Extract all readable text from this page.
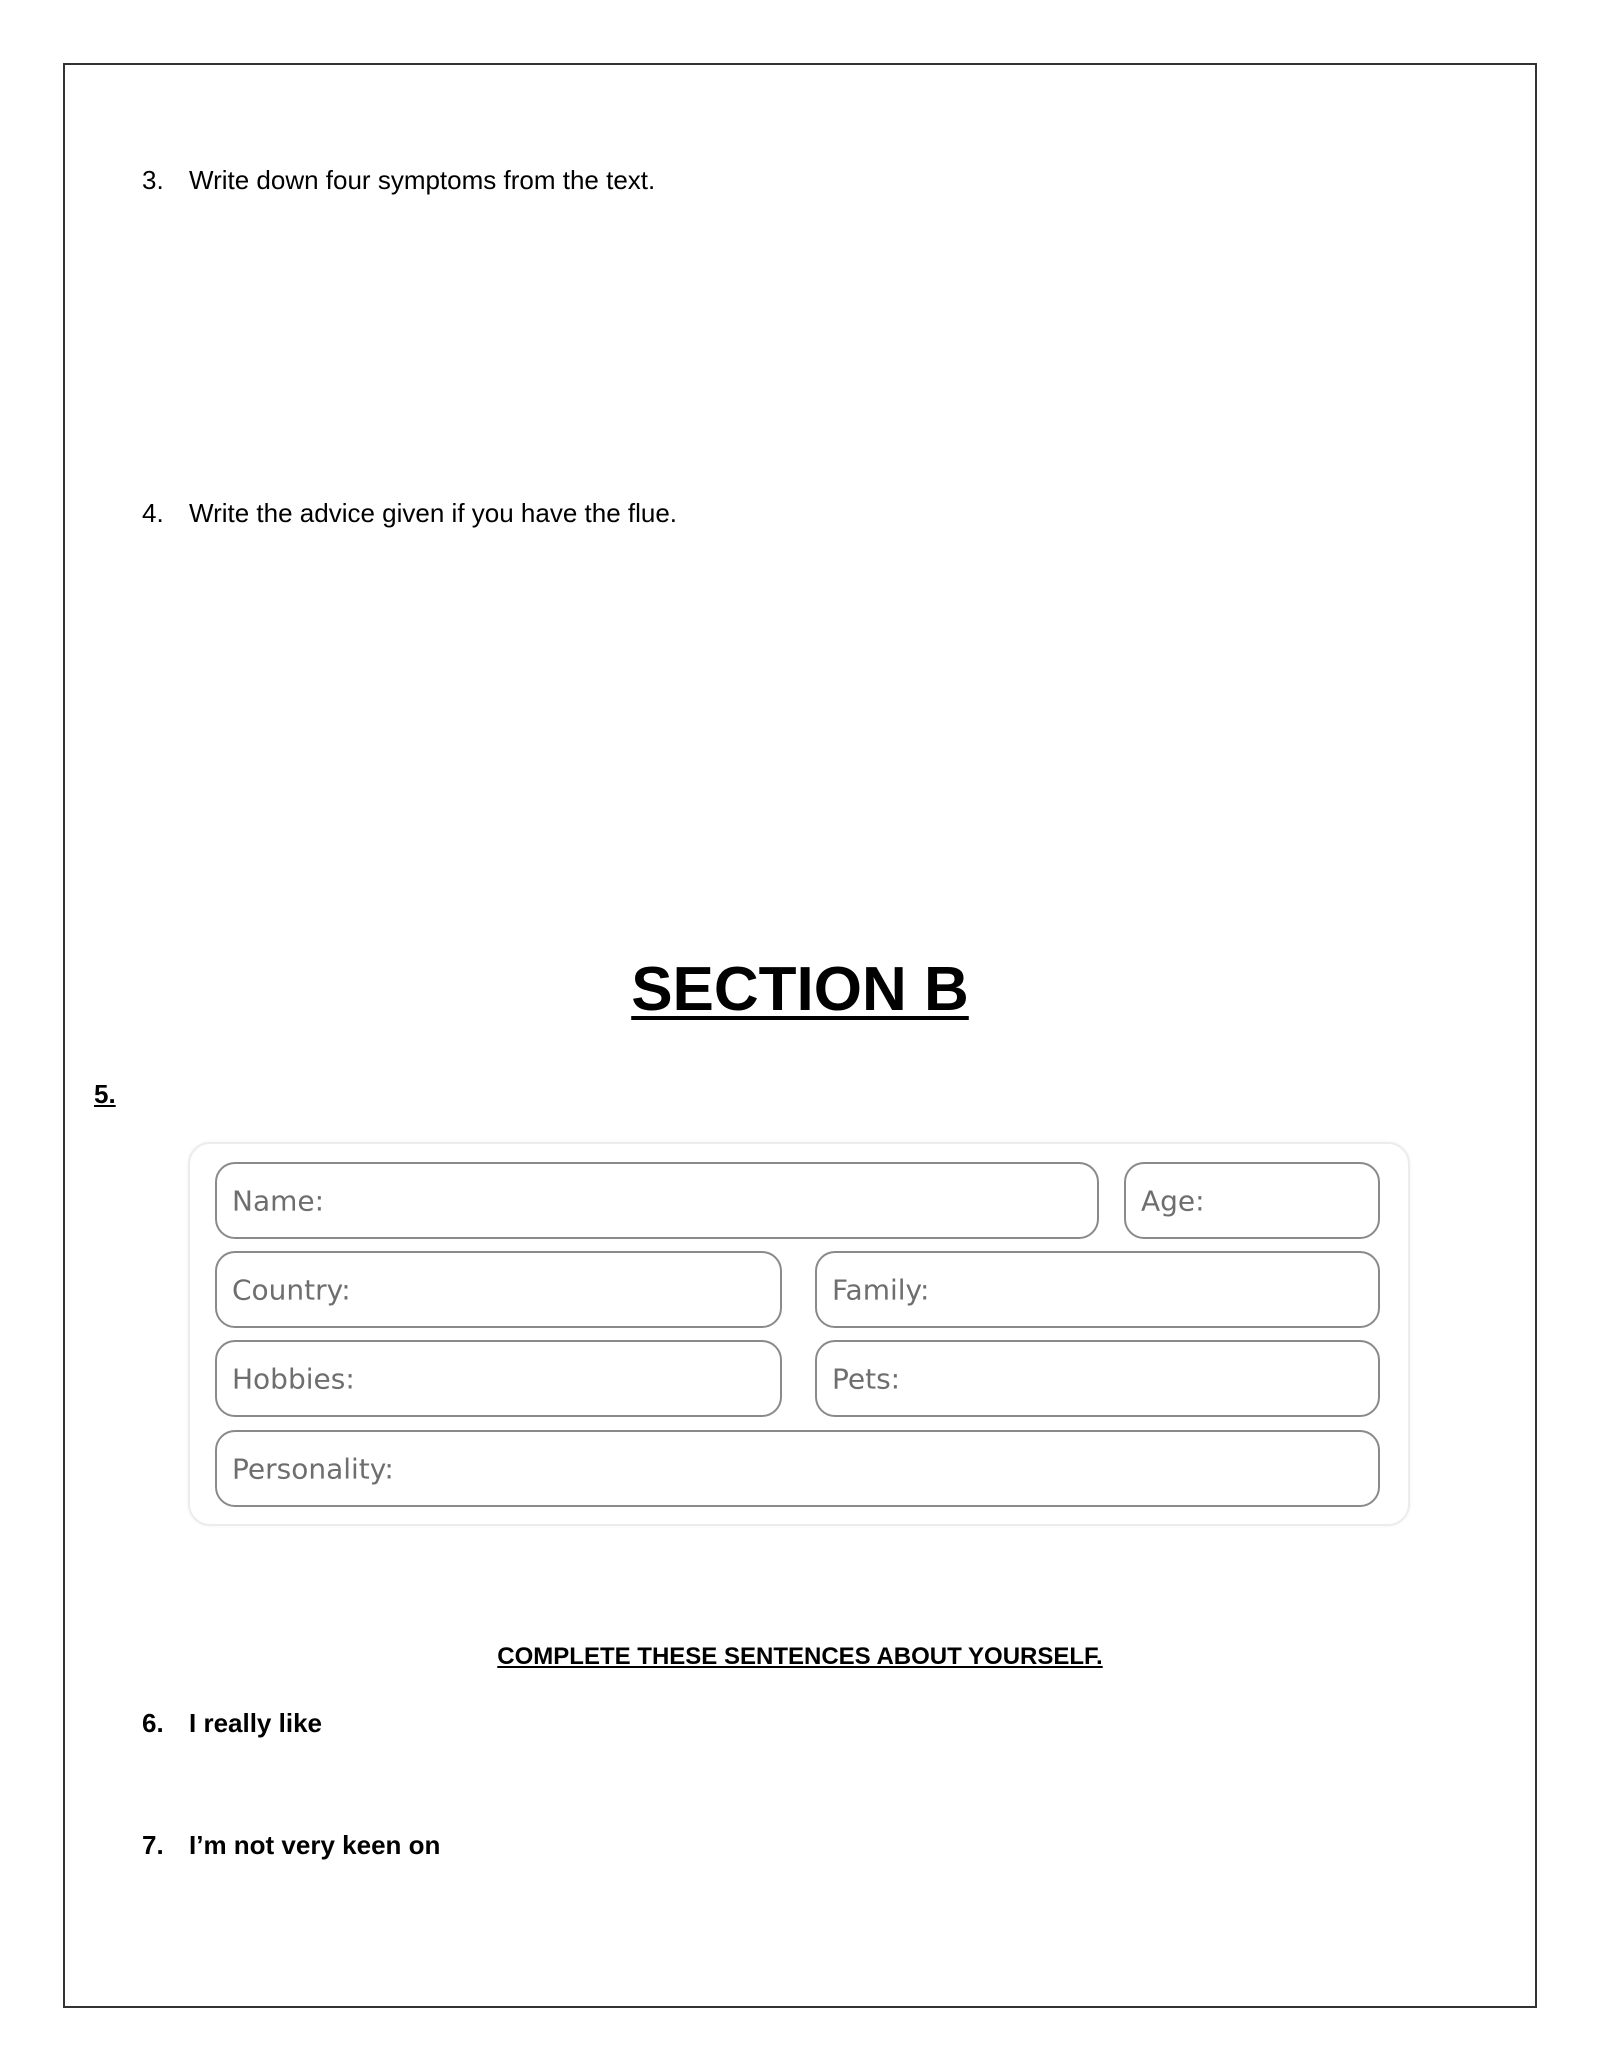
3. Write down four symptoms from the text.
4. Write the advice given if you have the flue.
SECTION B
5.
Name:	Age:
Country:	Family:
Hobbies:	Pets:
Personality:
COMPLETE THESE SENTENCES ABOUT YOURSELF.
6. I really like
7. I’m not very keen on
